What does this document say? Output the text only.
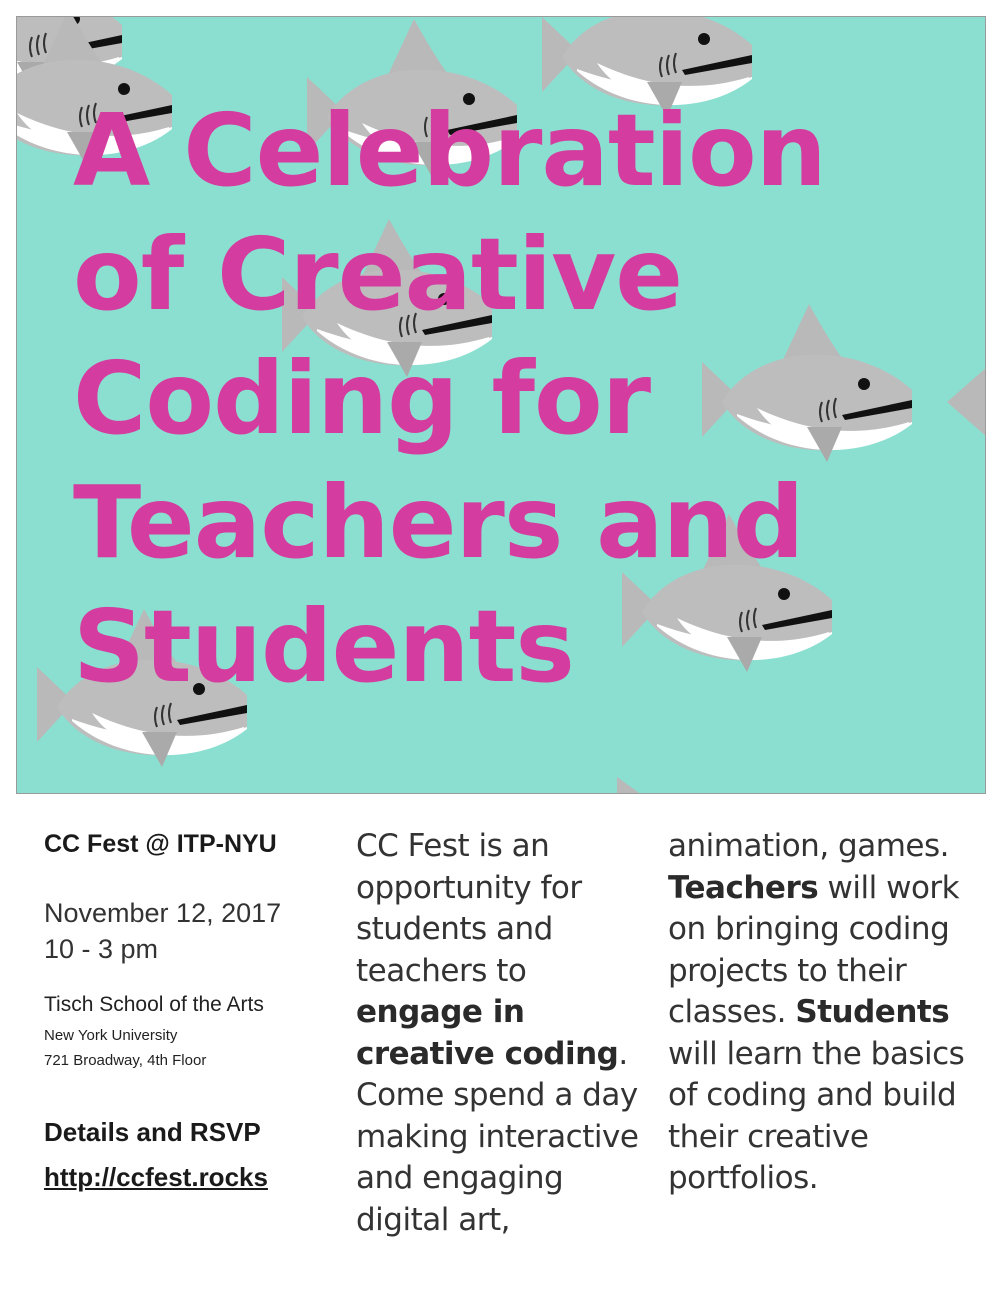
A Celebration
of Creative
Coding for
Teachers and
Students
CC Fest @ ITP-NYU
November 12, 2017
10 - 3 pm
Tisch School of the Arts
New York University
721 Broadway, 4th Floor
Details and RSVP
http://ccfest.rocks
CC Fest is an
opportunity for
students and
teachers to
engage in
creative coding.
Come spend a day
making interactive
and engaging
digital art,
animation, games.
Teachers will work
on bringing coding
projects to their
classes. Students
will learn the basics
of coding and build
their creative
portfolios.
